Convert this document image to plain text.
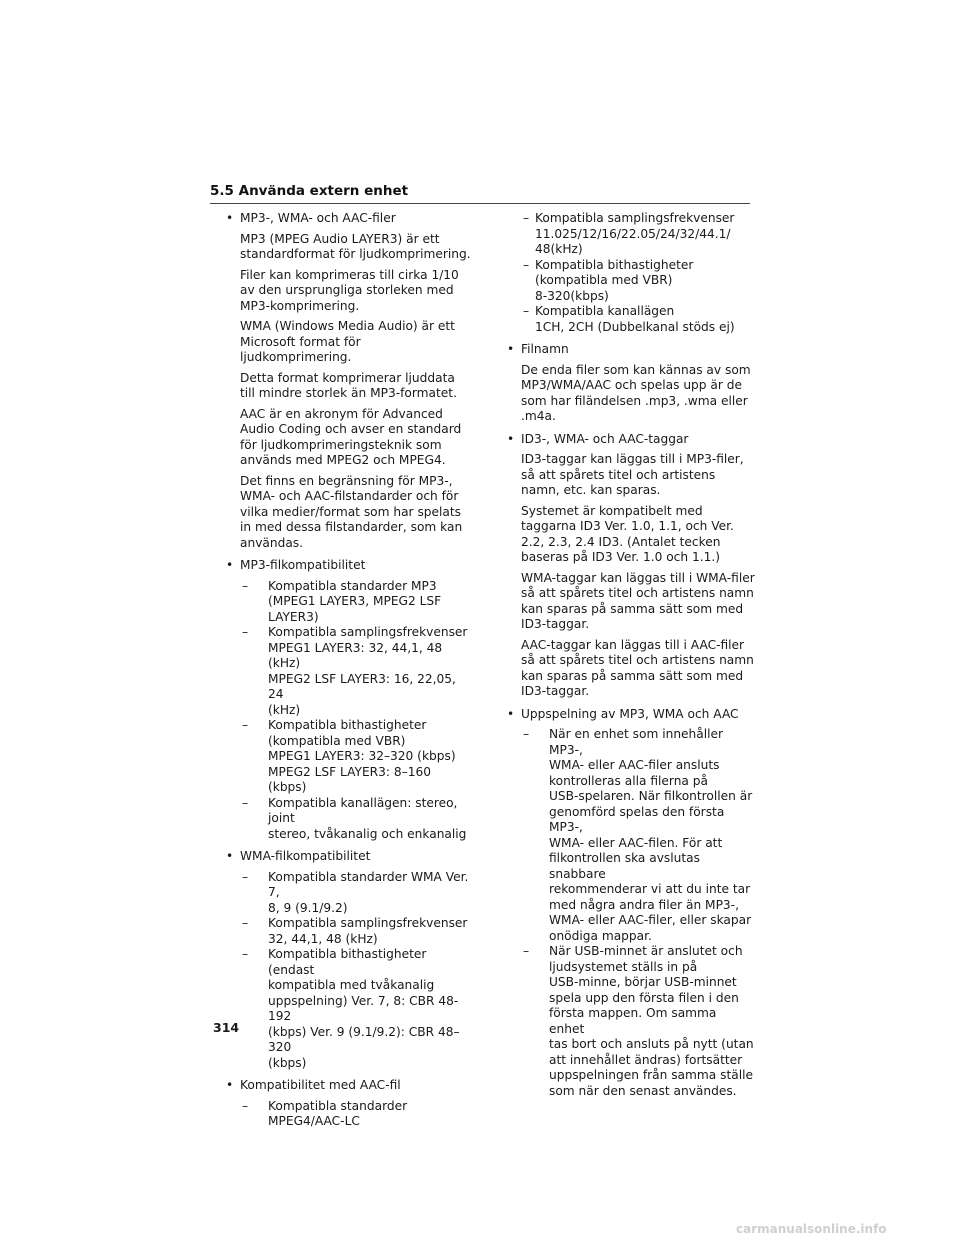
5.5 Använda extern enhet
• MP3-, WMA- och AAC-filer
MP3 (MPEG Audio LAYER3) är ett standardformat för ljudkomprimering.
Filer kan komprimeras till cirka 1/10 av den ursprungliga storleken med MP3-komprimering.
WMA (Windows Media Audio) är ett Microsoft format för ljudkomprimering.
Detta format komprimerar ljuddata till mindre storlek än MP3-formatet.
AAC är en akronym för Advanced Audio Coding och avser en standard för ljudkomprimeringsteknik som används med MPEG2 och MPEG4.
Det finns en begränsning för MP3-, WMA- och AAC-filstandarder och för vilka medier/format som har spelats in med dessa filstandarder, som kan användas.
• MP3-filkompatibilitet
– Kompatibla standarder MP3
(MPEG1 LAYER3, MPEG2 LSF
LAYER3)
– Kompatibla samplingsfrekvenser
MPEG1 LAYER3: 32, 44,1, 48 (kHz)
MPEG2 LSF LAYER3: 16, 22,05, 24
(kHz)
– Kompatibla bithastigheter
(kompatibla med VBR)
MPEG1 LAYER3: 32–320 (kbps)
MPEG2 LSF LAYER3: 8–160 (kbps)
– Kompatibla kanallägen: stereo, joint
stereo, tvåkanalig och enkanalig
• WMA-filkompatibilitet
– Kompatibla standarder WMA Ver. 7,
8, 9 (9.1/9.2)
– Kompatibla samplingsfrekvenser
32, 44,1, 48 (kHz)
– Kompatibla bithastigheter (endast
kompatibla med tvåkanalig
uppspelning) Ver. 7, 8: CBR 48-192
(kbps) Ver. 9 (9.1/9.2): CBR 48–320
(kbps)
• Kompatibilitet med AAC-fil
– Kompatibla standarder
MPEG4/AAC-LC
– Kompatibla samplingsfrekvenser
11.025/12/16/22.05/24/32/44.1/
48(kHz)
– Kompatibla bithastigheter
(kompatibla med VBR)
8-320(kbps)
– Kompatibla kanallägen
1CH, 2CH (Dubbelkanal stöds ej)
• Filnamn
De enda filer som kan kännas av som MP3/WMA/AAC och spelas upp är de som har filändelsen .mp3, .wma eller .m4a.
• ID3-, WMA- och AAC-taggar
ID3-taggar kan läggas till i MP3-filer, så att spårets titel och artistens namn, etc. kan sparas.
Systemet är kompatibelt med taggarna ID3 Ver. 1.0, 1.1, och Ver. 2.2, 2.3, 2.4 ID3. (Antalet tecken baseras på ID3 Ver. 1.0 och 1.1.)
WMA-taggar kan läggas till i WMA-filer så att spårets titel och artistens namn kan sparas på samma sätt som med ID3-taggar.
AAC-taggar kan läggas till i AAC-filer så att spårets titel och artistens namn kan sparas på samma sätt som med ID3-taggar.
• Uppspelning av MP3, WMA och AAC
– När en enhet som innehåller MP3-,
WMA- eller AAC-filer ansluts
kontrolleras alla filerna på
USB-spelaren. När filkontrollen är
genomförd spelas den första MP3-,
WMA- eller AAC-filen. För att
filkontrollen ska avslutas snabbare
rekommenderar vi att du inte tar
med några andra filer än MP3-,
WMA- eller AAC-filer, eller skapar
onödiga mappar.
– När USB-minnet är anslutet och
ljudsystemet ställs in på
USB-minne, börjar USB-minnet
spela upp den första filen i den
första mappen. Om samma enhet
tas bort och ansluts på nytt (utan
att innehållet ändras) fortsätter
uppspelningen från samma ställe
som när den senast användes.
314
carmanualsonline.info
